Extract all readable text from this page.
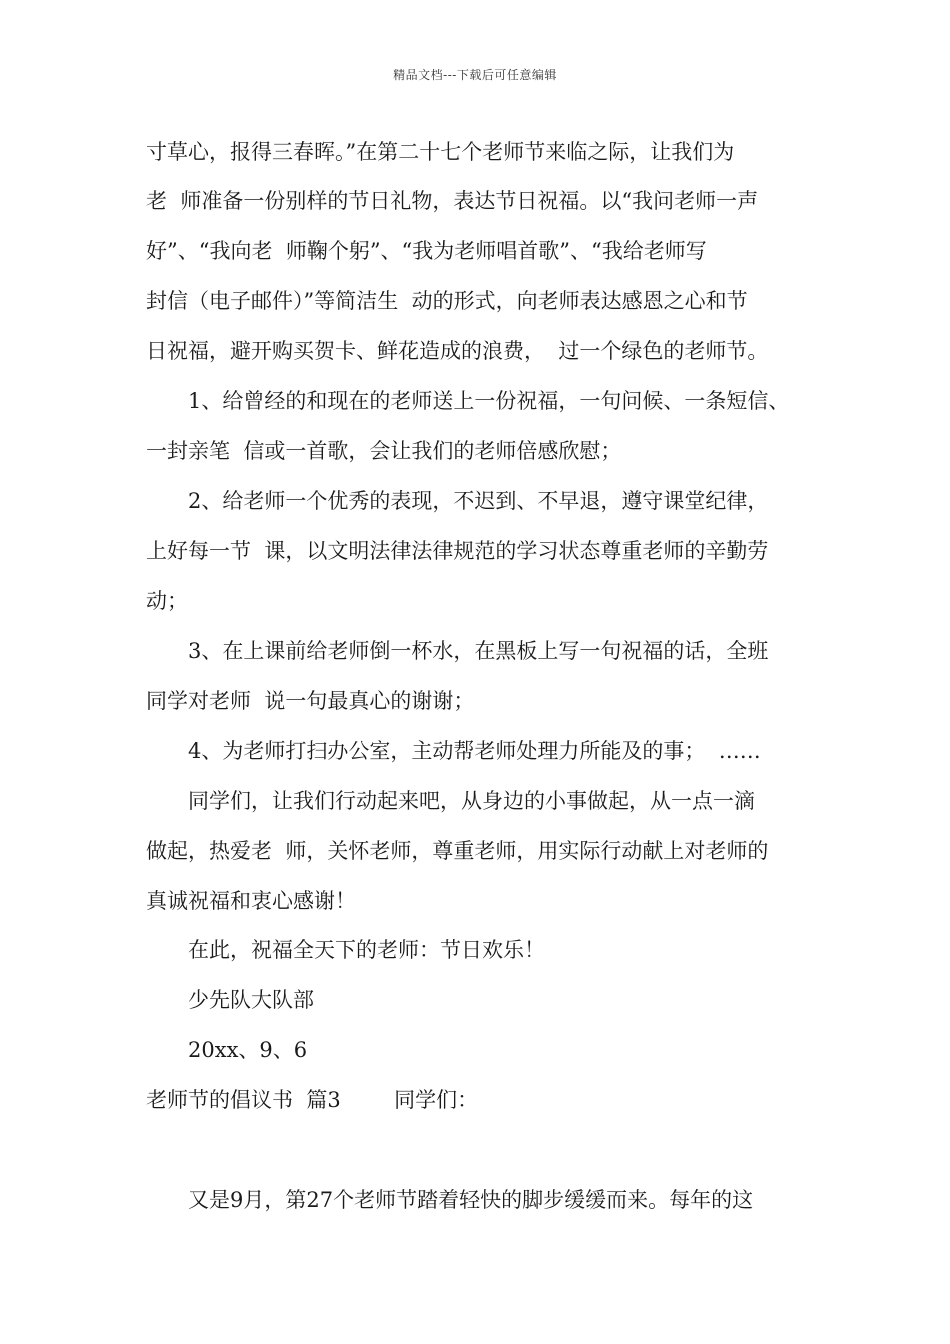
精品文档---下载后可任意编辑
寸草心，报得三春晖。”在第二十七个老师节来临之际，让我们为
老  师准备一份别样的节日礼物，表达节日祝福。以“我问老师一声
好”、“我向老  师鞠个躬”、“我为老师唱首歌”、“我给老师写
封信（电子邮件）”等简洁生  动的形式，向老师表达感恩之心和节
日祝福，避开购买贺卡、鲜花造成的浪费，  过一个绿色的老师节。
1、给曾经的和现在的老师送上一份祝福，一句问候、一条短信、
一封亲笔  信或一首歌，会让我们的老师倍感欣慰；
2、给老师一个优秀的表现，不迟到、不早退，遵守课堂纪律，
上好每一节  课，以文明法律法律规范的学习状态尊重老师的辛勤劳
动；
3、在上课前给老师倒一杯水，在黑板上写一句祝福的话，全班
同学对老师  说一句最真心的谢谢；
4、为老师打扫办公室，主动帮老师处理力所能及的事；  ……
同学们，让我们行动起来吧，从身边的小事做起，从一点一滴
做起，热爱老  师，关怀老师，尊重老师，用实际行动献上对老师的
真诚祝福和衷心感谢！
在此，祝福全天下的老师：节日欢乐！
少先队大队部
20xx、9、6
老师节的倡议书  篇3        同学们：
又是9月，第27个老师节踏着轻快的脚步缓缓而来。每年的这
